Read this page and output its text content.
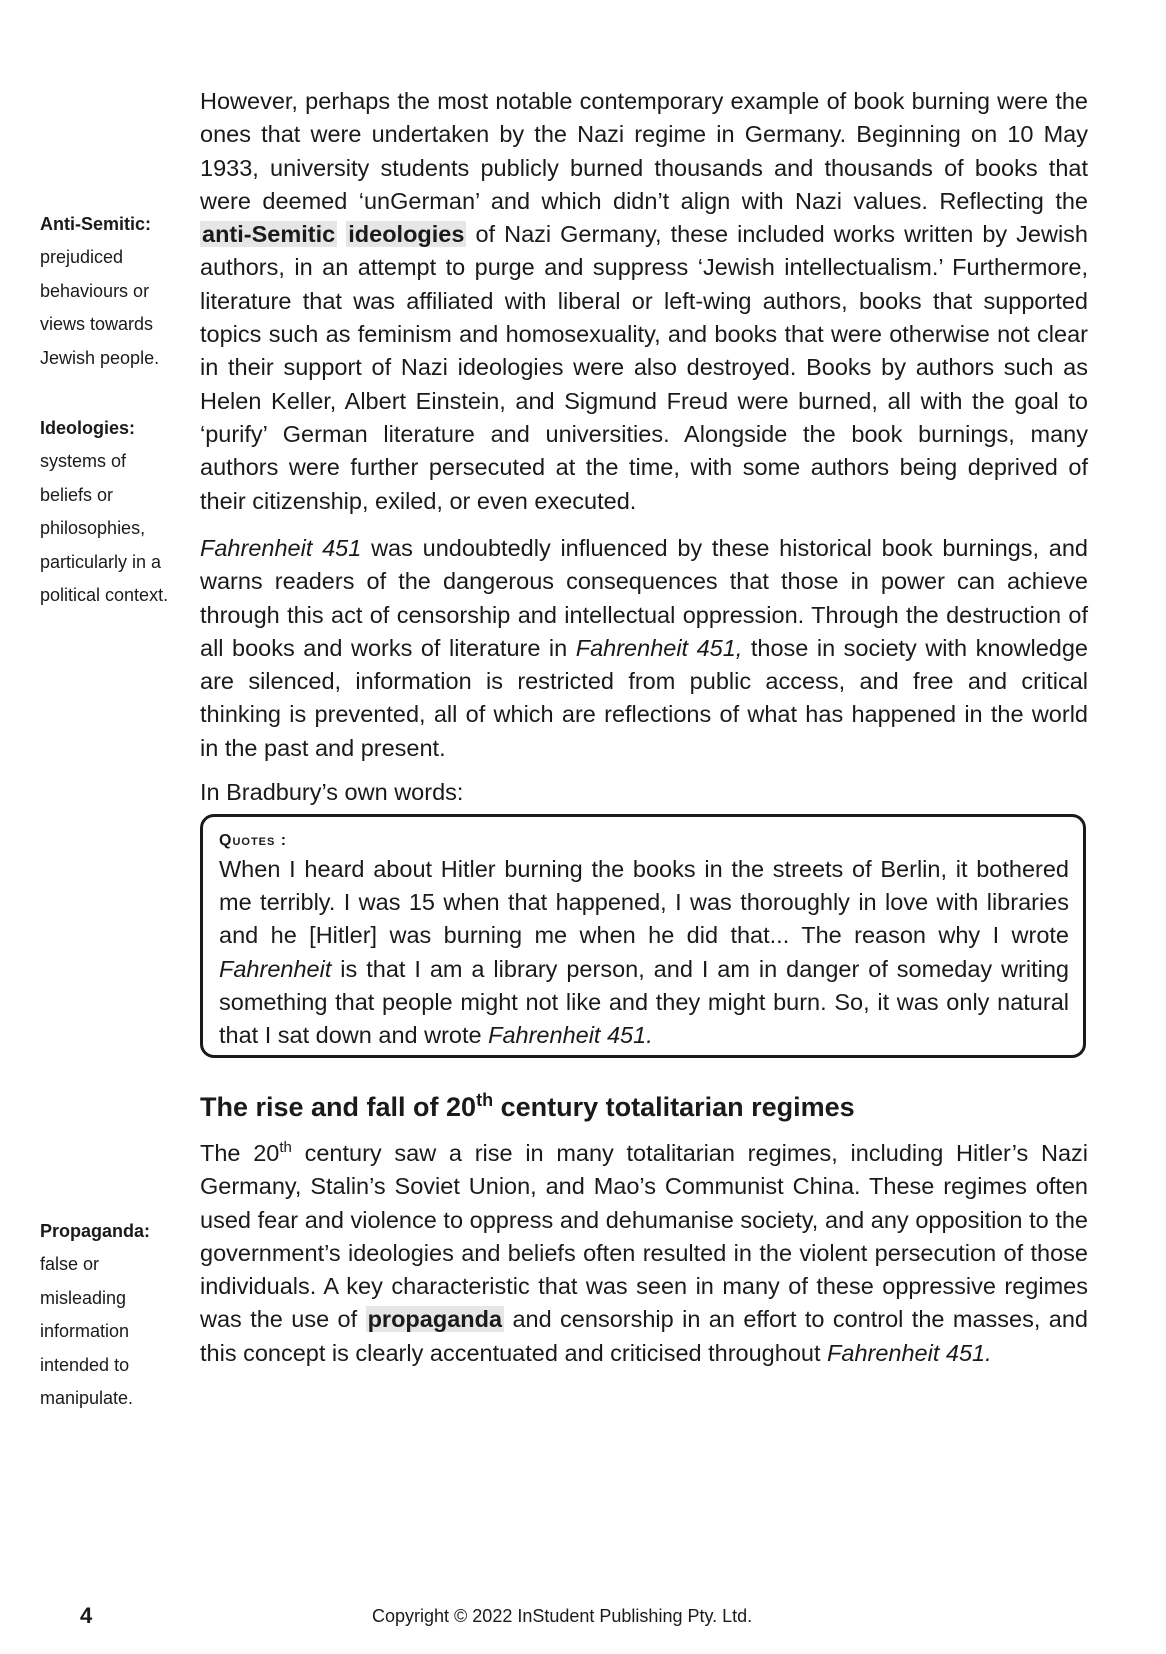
Anti-Semitic:
prejudiced
behaviours or
views towards
Jewish people.
Ideologies:
systems of
beliefs or
philosophies,
particularly in a
political context.
Propaganda:
false or
misleading
information
intended to
manipulate.

However, perhaps the most notable contemporary example of book burning were the ones that were undertaken by the Nazi regime in Germany. Beginning on 10 May 1933, university students publicly burned thousands and thousands of books that were deemed ‘unGerman’ and which didn’t align with Nazi values. Reflecting the anti-Semitic ideologies of Nazi Germany, these included works written by Jewish authors, in an attempt to purge and suppress ‘Jewish intellectualism.’ Furthermore, literature that was affiliated with liberal or left-wing authors, books that supported topics such as feminism and homosexuality, and books that were otherwise not clear in their support of Nazi ideologies were also destroyed. Books by authors such as Helen Keller, Albert Einstein, and Sigmund Freud were burned, all with the goal to ‘purify’ German literature and universities. Alongside the book burnings, many authors were further persecuted at the time, with some authors being deprived of their citizenship, exiled, or even executed.

Fahrenheit 451 was undoubtedly influenced by these historical book burnings, and warns readers of the dangerous consequences that those in power can achieve through this act of censorship and intellectual oppression. Through the destruction of all books and works of literature in Fahrenheit 451, those in society with knowledge are silenced, information is restricted from public access, and free and critical thinking is prevented, all of which are reflections of what has happened in the world in the past and present.

In Bradbury’s own words:

Quotes :

When I heard about Hitler burning the books in the streets of Berlin, it bothered me terribly. I was 15 when that happened, I was thoroughly in love with libraries and he [Hitler] was burning me when he did that... The reason why I wrote Fahrenheit is that I am a library person, and I am in danger of someday writing something that people might not like and they might burn. So, it was only natural that I sat down and wrote Fahrenheit 451.

The rise and fall of 20th century totalitarian regimes

The 20th century saw a rise in many totalitarian regimes, including Hitler’s Nazi Germany, Stalin’s Soviet Union, and Mao’s Communist China. These regimes often used fear and violence to oppress and dehumanise society, and any opposition to the government’s ideologies and beliefs often resulted in the violent persecution of those individuals. A key characteristic that was seen in many of these oppressive regimes was the use of propaganda and censorship in an effort to control the masses, and this concept is clearly accentuated and criticised throughout Fahrenheit 451.

4	Copyright © 2022 InStudent Publishing Pty. Ltd.
